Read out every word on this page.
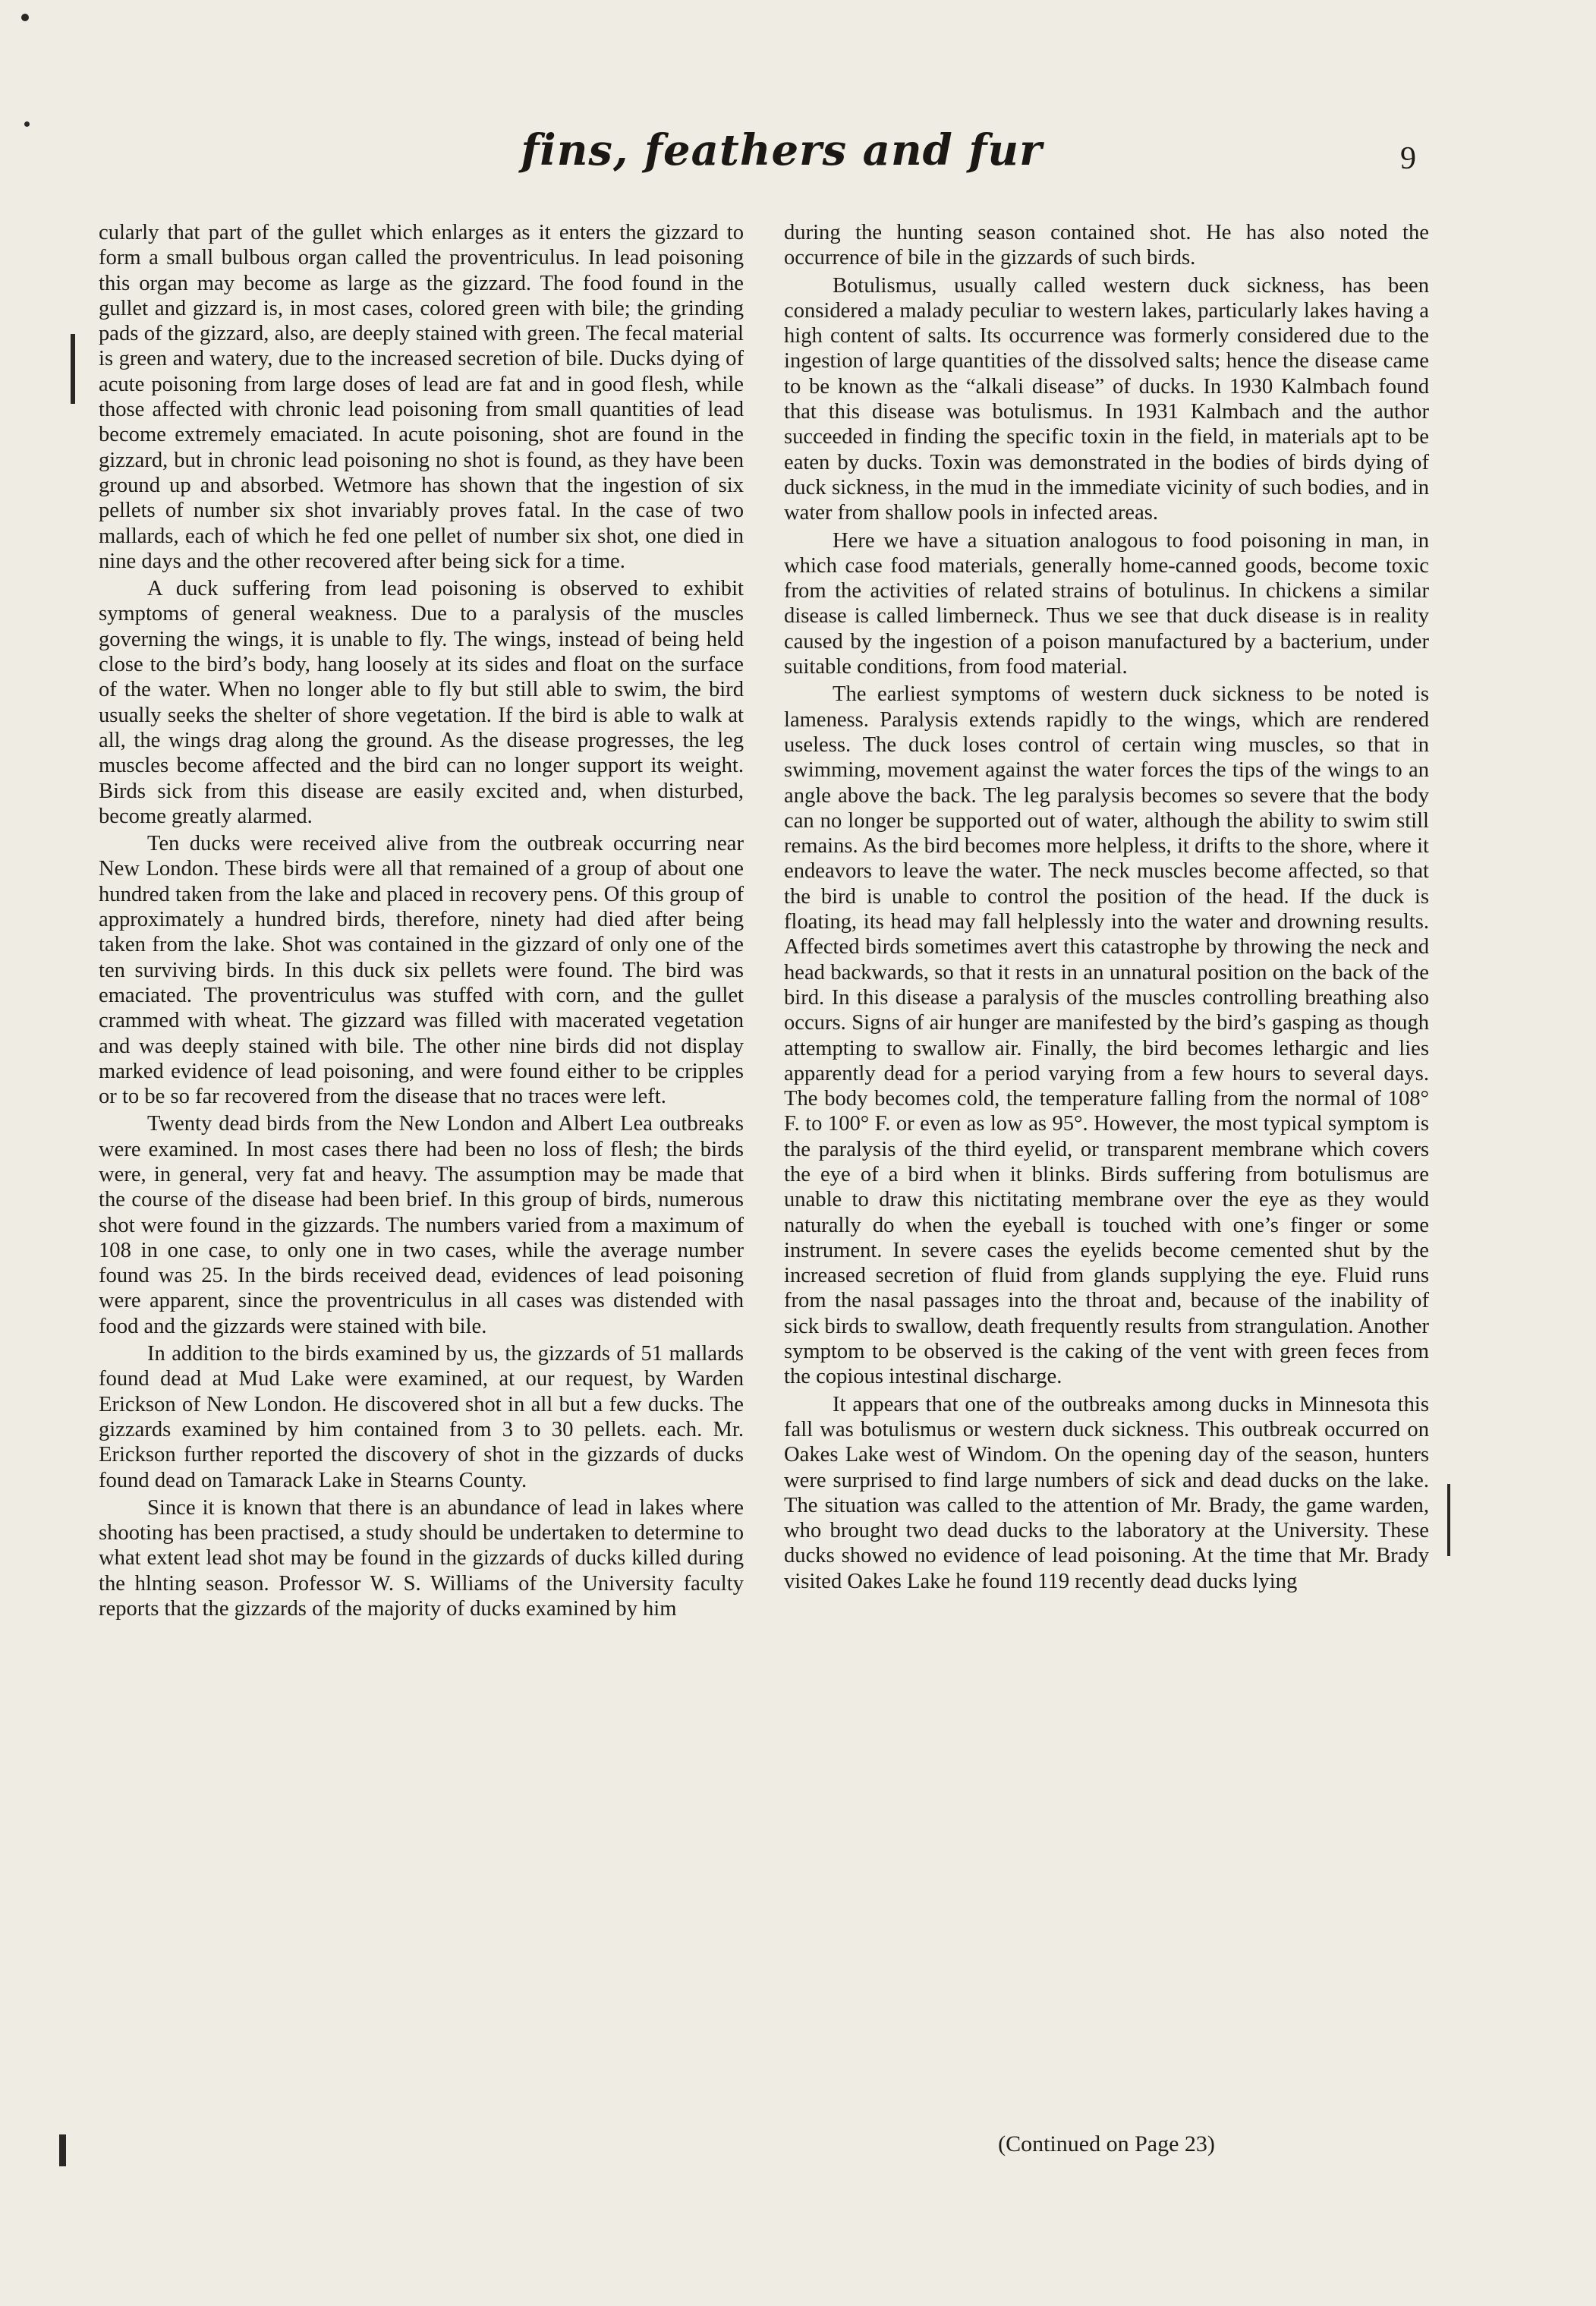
fins, feathers and fur	9

cularly that part of the gullet which enlarges as it enters the gizzard to form a small bulbous organ called the proventriculus. In lead poisoning this organ may become as large as the gizzard. The food found in the gullet and gizzard is, in most cases, colored green with bile; the grinding pads of the gizzard, also, are deeply stained with green. The fecal material is green and watery, due to the increased secretion of bile. Ducks dying of acute poisoning from large doses of lead are fat and in good flesh, while those affected with chronic lead poisoning from small quantities of lead become extremely emaciated. In acute poisoning, shot are found in the gizzard, but in chronic lead poisoning no shot is found, as they have been ground up and absorbed. Wetmore has shown that the ingestion of six pellets of number six shot invariably proves fatal. In the case of two mallards, each of which he fed one pellet of number six shot, one died in nine days and the other recovered after being sick for a time.

A duck suffering from lead poisoning is observed to exhibit symptoms of general weakness. Due to a paralysis of the muscles governing the wings, it is unable to fly. The wings, instead of being held close to the bird’s body, hang loosely at its sides and float on the surface of the water. When no longer able to fly but still able to swim, the bird usually seeks the shelter of shore vegetation. If the bird is able to walk at all, the wings drag along the ground. As the disease progresses, the leg muscles become affected and the bird can no longer support its weight. Birds sick from this disease are easily excited and, when disturbed, become greatly alarmed.

Ten ducks were received alive from the outbreak occurring near New London. These birds were all that remained of a group of about one hundred taken from the lake and placed in recovery pens. Of this group of approximately a hundred birds, therefore, ninety had died after being taken from the lake. Shot was contained in the gizzard of only one of the ten surviving birds. In this duck six pellets were found. The bird was emaciated. The proventriculus was stuffed with corn, and the gullet crammed with wheat. The gizzard was filled with macerated vegetation and was deeply stained with bile. The other nine birds did not display marked evidence of lead poisoning, and were found either to be cripples or to be so far recovered from the disease that no traces were left.

Twenty dead birds from the New London and Albert Lea outbreaks were examined. In most cases there had been no loss of flesh; the birds were, in general, very fat and heavy. The assumption may be made that the course of the disease had been brief. In this group of birds, numerous shot were found in the gizzards. The numbers varied from a maximum of 108 in one case, to only one in two cases, while the average number found was 25. In the birds received dead, evidences of lead poisoning were apparent, since the proventriculus in all cases was distended with food and the gizzards were stained with bile.

In addition to the birds examined by us, the gizzards of 51 mallards found dead at Mud Lake were examined, at our request, by Warden Erickson of New London. He discovered shot in all but a few ducks. The gizzards examined by him contained from 3 to 30 pellets. each. Mr. Erickson further reported the discovery of shot in the gizzards of ducks found dead on Tamarack Lake in Stearns County.

Since it is known that there is an abundance of lead in lakes where shooting has been practised, a study should be undertaken to determine to what extent lead shot may be found in the gizzards of ducks killed during the hlnting season. Professor W. S. Williams of the University faculty reports that the gizzards of the majority of ducks examined by him

during the hunting season contained shot. He has also noted the occurrence of bile in the gizzards of such birds.

Botulismus, usually called western duck sickness, has been considered a malady peculiar to western lakes, particularly lakes having a high content of salts. Its occurrence was formerly considered due to the ingestion of large quantities of the dissolved salts; hence the disease came to be known as the “alkali disease” of ducks. In 1930 Kalmbach found that this disease was botulismus. In 1931 Kalmbach and the author succeeded in finding the specific toxin in the field, in materials apt to be eaten by ducks. Toxin was demonstrated in the bodies of birds dying of duck sickness, in the mud in the immediate vicinity of such bodies, and in water from shallow pools in infected areas.

Here we have a situation analogous to food poisoning in man, in which case food materials, generally home-canned goods, become toxic from the activities of related strains of botulinus. In chickens a similar disease is called limberneck. Thus we see that duck disease is in reality caused by the ingestion of a poison manufactured by a bacterium, under suitable conditions, from food material.

The earliest symptoms of western duck sickness to be noted is lameness. Paralysis extends rapidly to the wings, which are rendered useless. The duck loses control of certain wing muscles, so that in swimming, movement against the water forces the tips of the wings to an angle above the back. The leg paralysis becomes so severe that the body can no longer be supported out of water, although the ability to swim still remains. As the bird becomes more helpless, it drifts to the shore, where it endeavors to leave the water. The neck muscles become affected, so that the bird is unable to control the position of the head. If the duck is floating, its head may fall helplessly into the water and drowning results. Affected birds sometimes avert this catastrophe by throwing the neck and head backwards, so that it rests in an unnatural position on the back of the bird. In this disease a paralysis of the muscles controlling breathing also occurs. Signs of air hunger are manifested by the bird’s gasping as though attempting to swallow air. Finally, the bird becomes lethargic and lies apparently dead for a period varying from a few hours to several days. The body becomes cold, the temperature falling from the normal of 108° F. to 100° F. or even as low as 95°. However, the most typical symptom is the paralysis of the third eyelid, or transparent membrane which covers the eye of a bird when it blinks. Birds suffering from botulismus are unable to draw this nictitating membrane over the eye as they would naturally do when the eyeball is touched with one’s finger or some instrument. In severe cases the eyelids become cemented shut by the increased secretion of fluid from glands supplying the eye. Fluid runs from the nasal passages into the throat and, because of the inability of sick birds to swallow, death frequently results from strangulation. Another symptom to be observed is the caking of the vent with green feces from the copious intestinal discharge.

It appears that one of the outbreaks among ducks in Minnesota this fall was botulismus or western duck sickness. This outbreak occurred on Oakes Lake west of Windom. On the opening day of the season, hunters were surprised to find large numbers of sick and dead ducks on the lake. The situation was called to the attention of Mr. Brady, the game warden, who brought two dead ducks to the laboratory at the University. These ducks showed no evidence of lead poisoning. At the time that Mr. Brady visited Oakes Lake he found 119 recently dead ducks lying

(Continued on Page 23)
